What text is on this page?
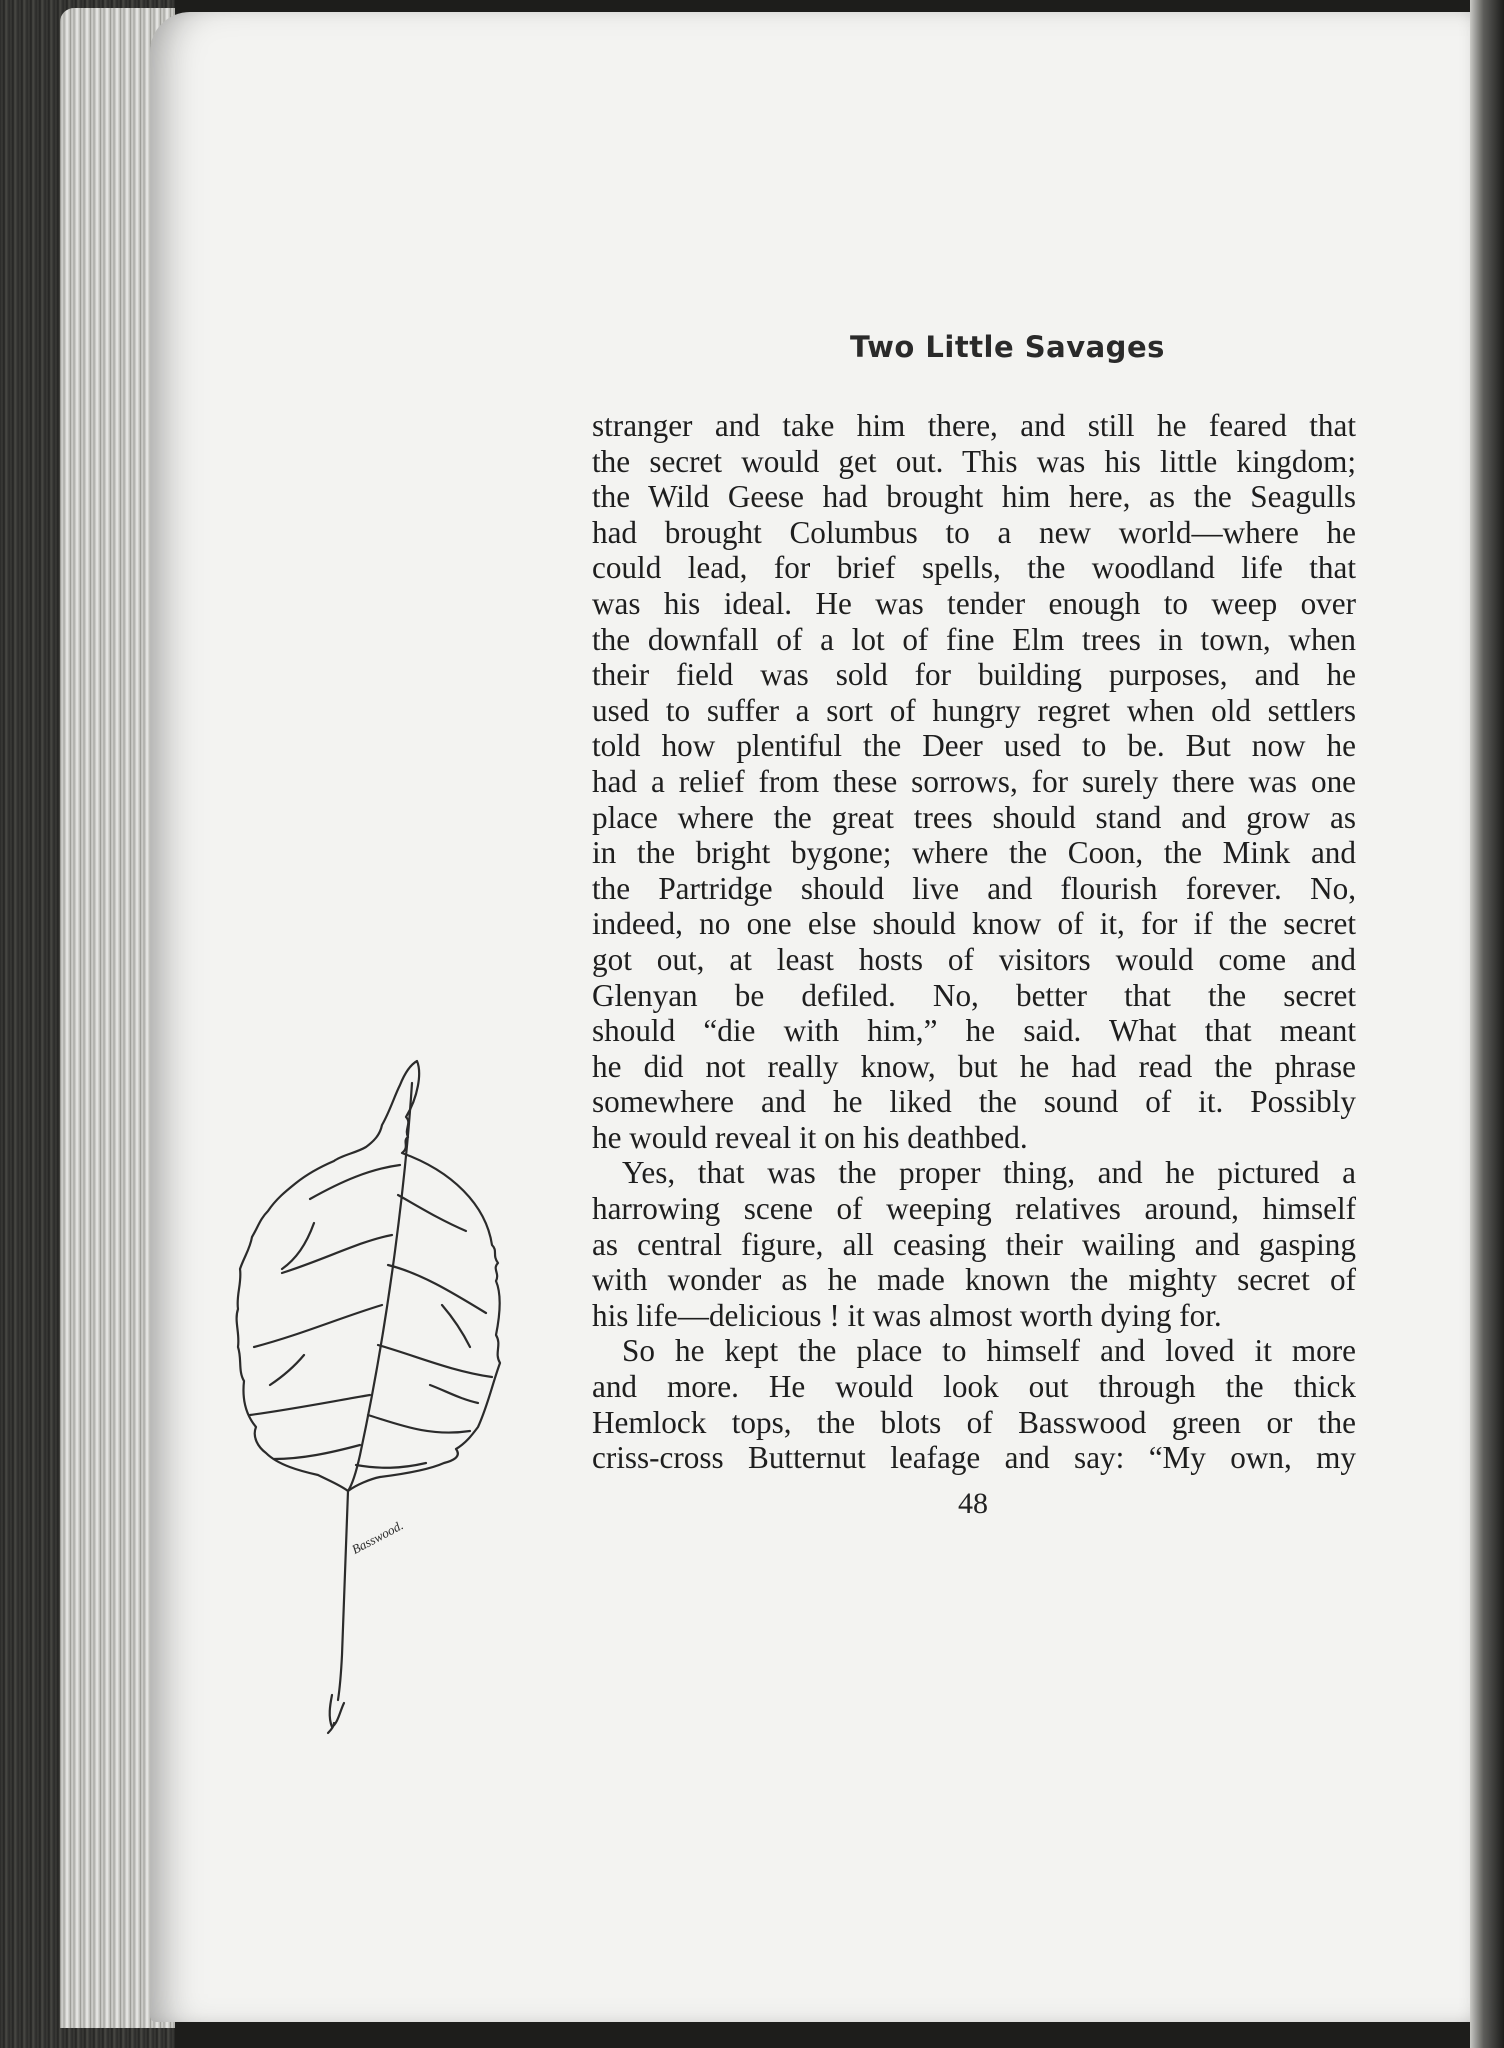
Two Little Savages
stranger and take him there, and still he feared that
the secret would get out. This was his little kingdom;
the Wild Geese had brought him here, as the Seagulls
had brought Columbus to a new world—where he
could lead, for brief spells, the woodland life that
was his ideal. He was tender enough to weep over
the downfall of a lot of fine Elm trees in town, when
their field was sold for building purposes, and he
used to suffer a sort of hungry regret when old settlers
told how plentiful the Deer used to be. But now he
had a relief from these sorrows, for surely there was one
place where the great trees should stand and grow as
in the bright bygone; where the Coon, the Mink and
the Partridge should live and flourish forever. No,
indeed, no one else should know of it, for if the secret
got out, at least hosts of visitors would come and
Glenyan be defiled. No, better that the secret
should “die with him,” he said. What that meant
he did not really know, but he had read the phrase
somewhere and he liked the sound of it. Possibly
he would reveal it on his deathbed.
Yes, that was the proper thing, and he pictured a
harrowing scene of weeping relatives around, himself
as central figure, all ceasing their wailing and gasping
with wonder as he made known the mighty secret of
his life—delicious ! it was almost worth dying for.
So he kept the place to himself and loved it more
and more. He would look out through the thick
Hemlock tops, the blots of Basswood green or the
criss-cross Butternut leafage and say: “My own, my
Basswood.
48
